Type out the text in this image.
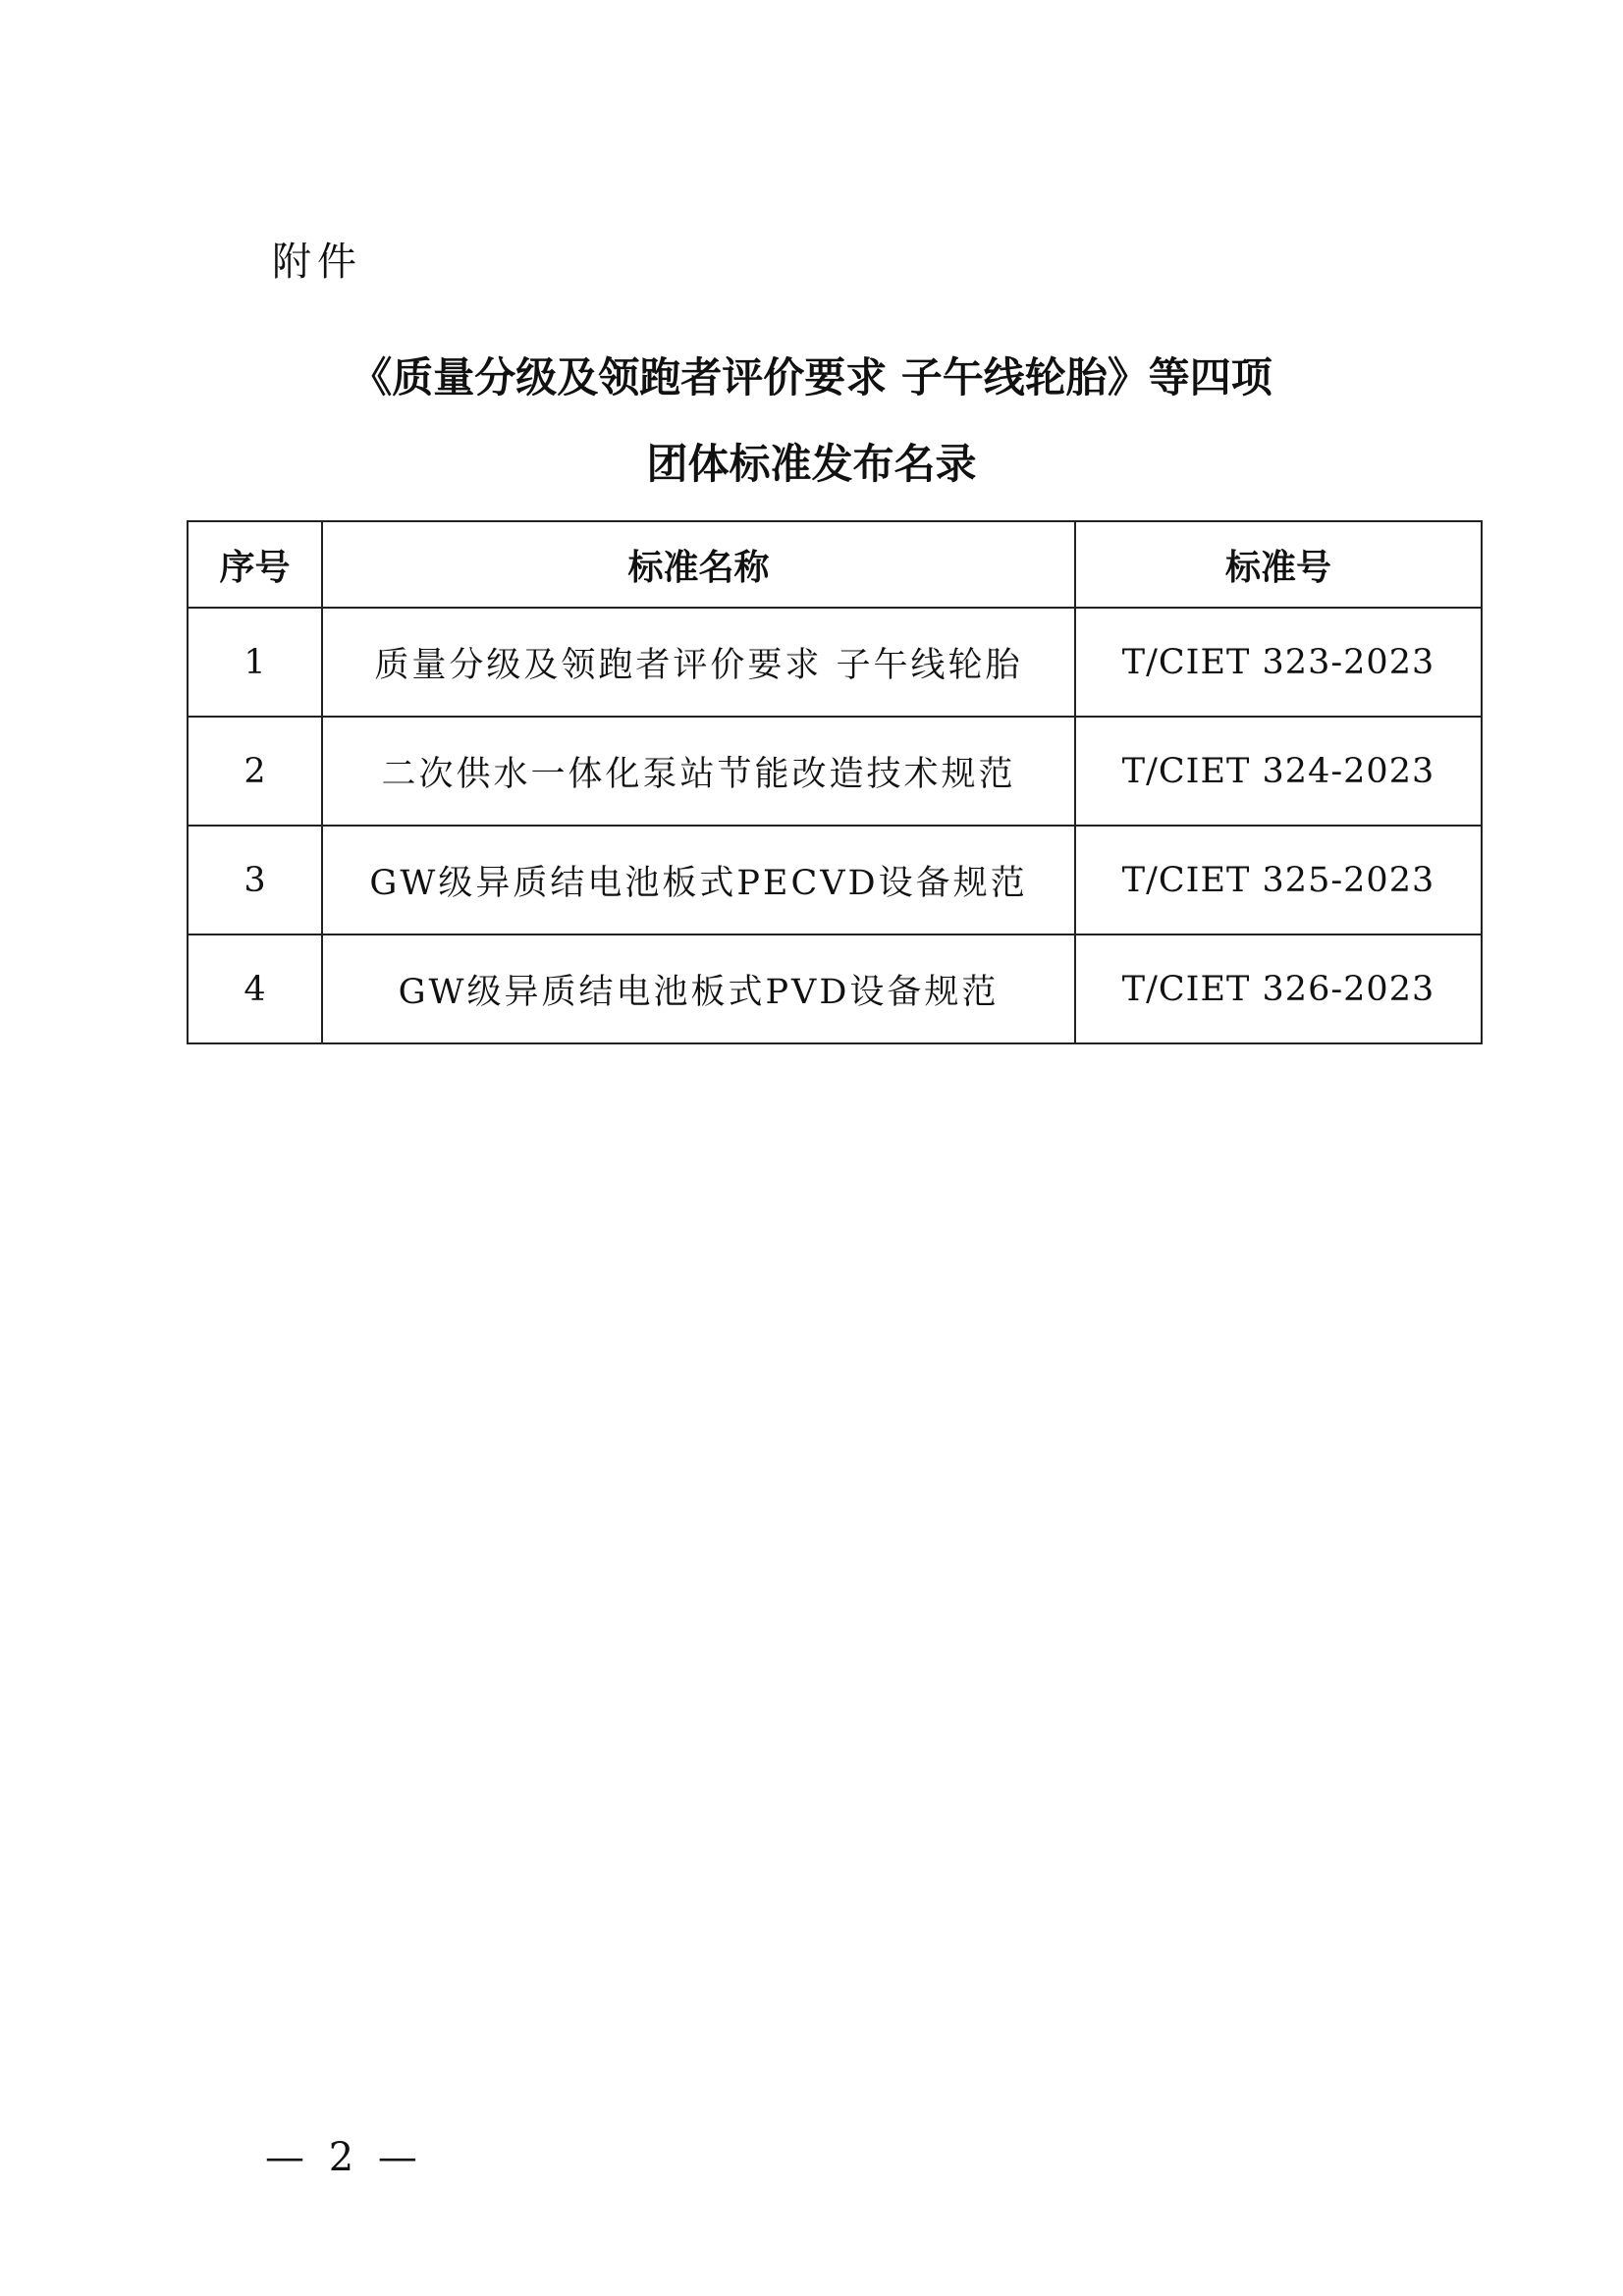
附件
《质量分级及领跑者评价要求 子午线轮胎》等四项
团体标准发布名录
序号	标准名称	标准号
1	质量分级及领跑者评价要求 子午线轮胎	T/CIET 323-2023
2	二次供水一体化泵站节能改造技术规范	T/CIET 324-2023
3	GW级异质结电池板式PECVD设备规范	T/CIET 325-2023
4	GW级异质结电池板式PVD设备规范	T/CIET 326-2023
— 2 —
